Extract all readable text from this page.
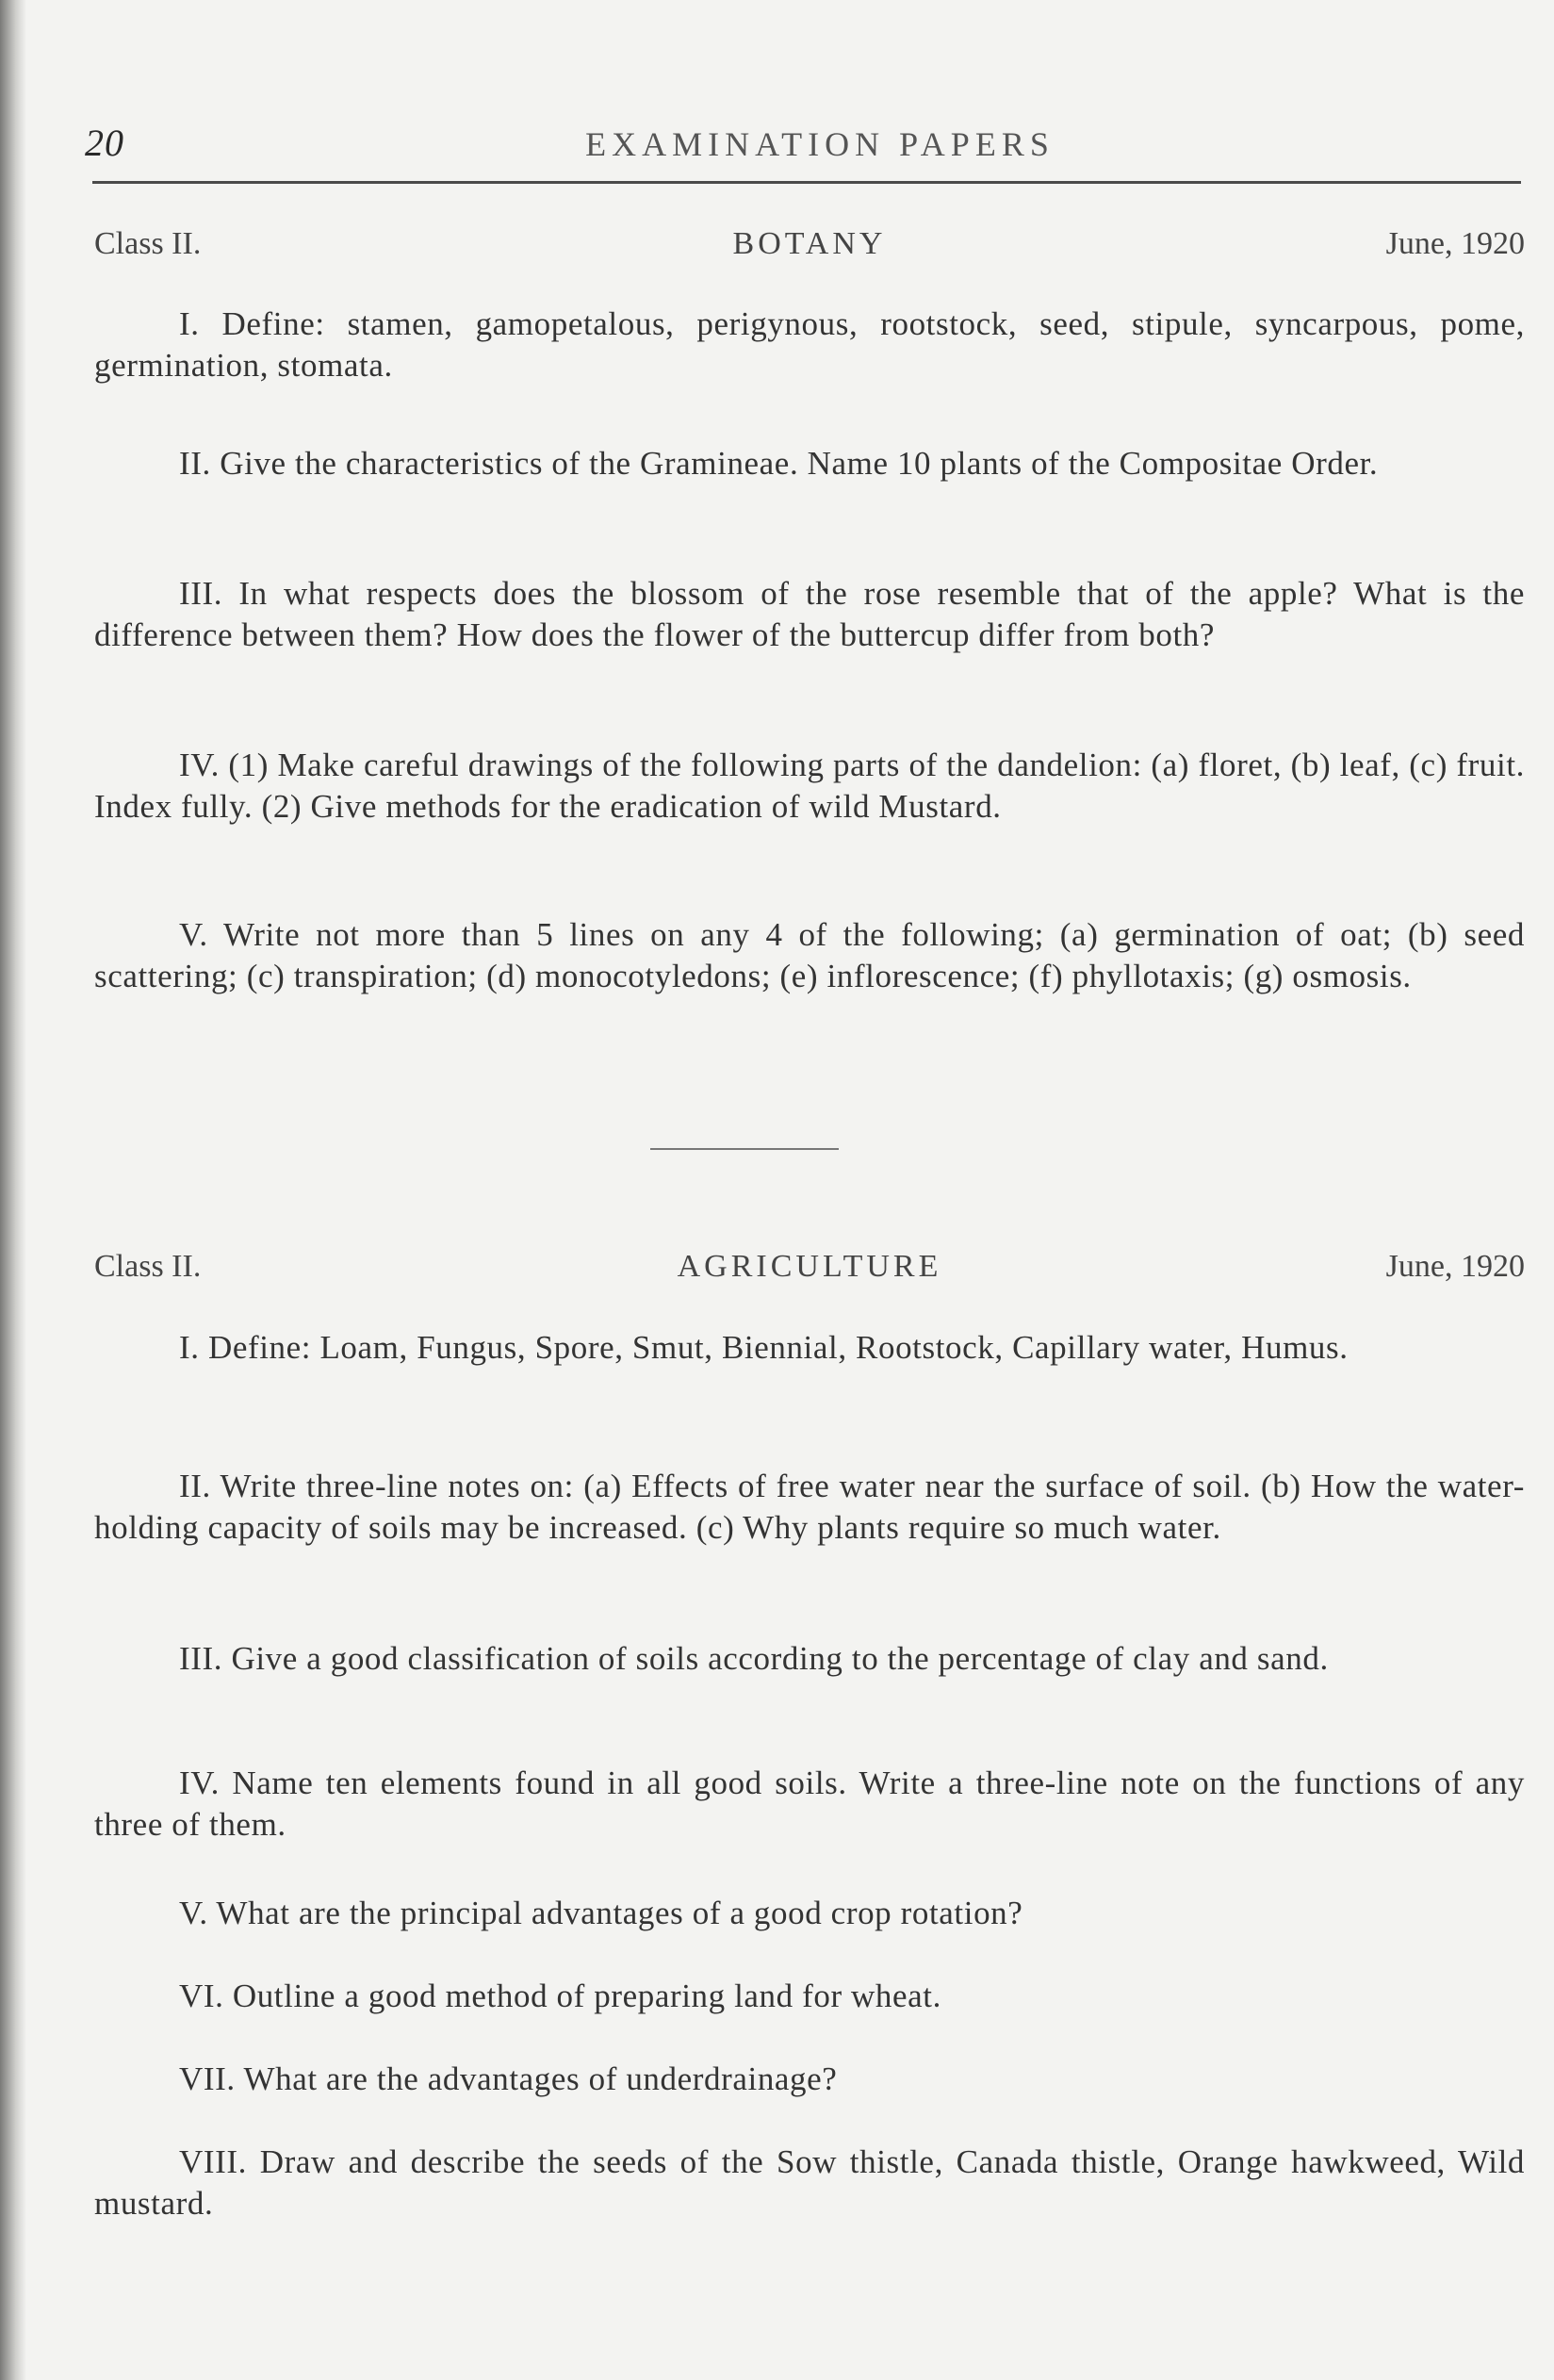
20	EXAMINATION PAPERS
Class II.	BOTANY	June, 1920

I. Define: stamen, gamopetalous, perigynous, rootstock, seed, stipule, syncarpous, pome, germination, stomata.

II. Give the characteristics of the Gramineae. Name 10 plants of the Compositae Order.

III. In what respects does the blossom of the rose resemble that of the apple? What is the difference between them? How does the flower of the buttercup differ from both?

IV. (1) Make careful drawings of the following parts of the dandelion: (a) floret, (b) leaf, (c) fruit. Index fully. (2) Give methods for the eradication of wild Mustard.

V. Write not more than 5 lines on any 4 of the following; (a) germination of oat; (b) seed scattering; (c) transpiration; (d) monocotyledons; (e) inflorescence; (f) phyllotaxis; (g) osmosis.

Class II.	AGRICULTURE	June, 1920

I. Define: Loam, Fungus, Spore, Smut, Biennial, Rootstock, Capillary water, Humus.

II. Write three-line notes on: (a) Effects of free water near the surface of soil. (b) How the water-holding capacity of soils may be increased. (c) Why plants require so much water.

III. Give a good classification of soils according to the percentage of clay and sand.

IV. Name ten elements found in all good soils. Write a three-line note on the functions of any three of them.

V. What are the principal advantages of a good crop rotation?

VI. Outline a good method of preparing land for wheat.

VII. What are the advantages of underdrainage?

VIII. Draw and describe the seeds of the Sow thistle, Canada thistle, Orange hawkweed, Wild mustard.
